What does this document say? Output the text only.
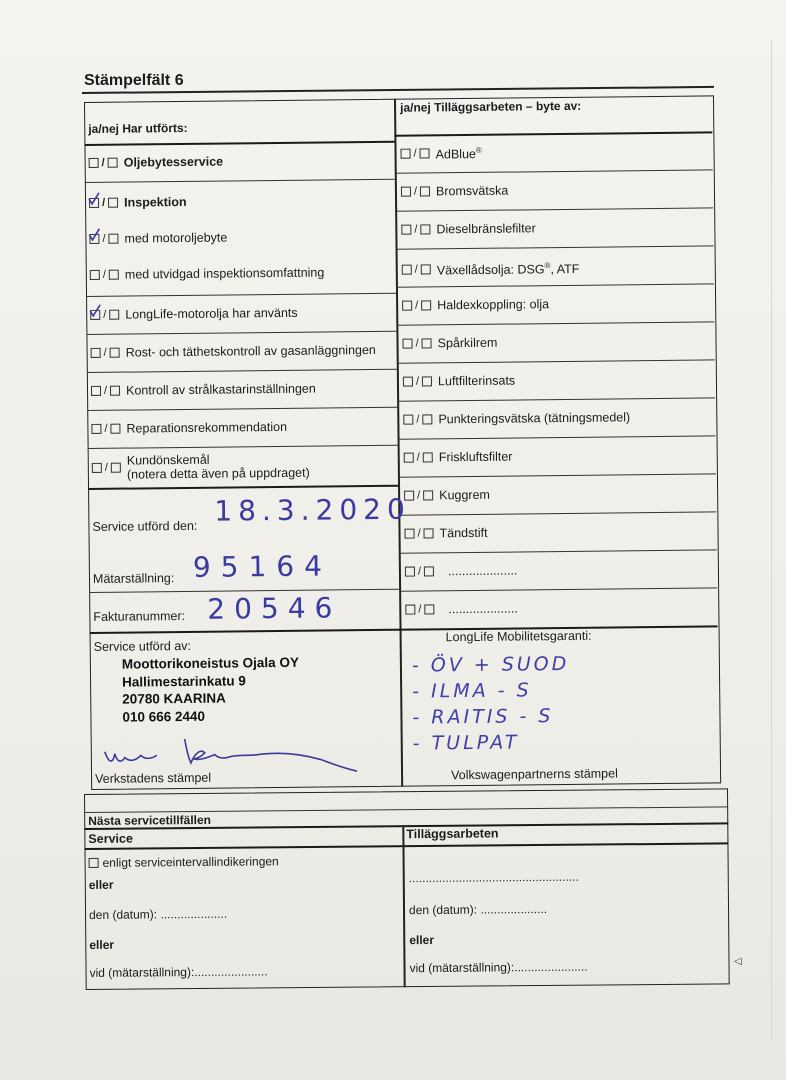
Stämpelfält 6
ja/nej Har utförts:
ja/nej Tilläggsarbeten – byte av:
/ Oljebytesservice
/ Inspektion
/ med motoroljebyte
/ med utvidgad inspektionsomfattning
/ LongLife-motorolja har använts
/ Rost- och täthetskontroll av gasanläggningen
/ Kontroll av strålkastarinställningen
/ Reparationsrekommendation
/
Kundönskemål
(notera detta även på uppdraget)
Service utförd den: 18.3.2020
Mätarställning: 95164
Fakturanummer: 20546
/ AdBlue®
/ Bromsvätska
/ Dieselbränslefilter
/ Växellådsolja: DSG®, ATF
/ Haldexkoppling: olja
/ Spårkilrem
/ Luftfilterinsats
/ Punkteringsvätska (tätningsmedel)
/ Friskluftsfilter
/ Kuggrem
/ Tändstift
/ ....................
/ ....................
Service utförd av:
Moottorikoneistus Ojala OY
Hallimestarinkatu 9
20780 KAARINA
010 666 2440
Verkstadens stämpel
LongLife Mobilitetsgaranti:
- ÖV + SUOD
- ILMA - S
- RAITIS - S
- TULPAT
Volkswagenpartnerns stämpel
Nästa servicetillfällen
Service	Tilläggsarbeten
enligt serviceintervallindikeringen
eller
den (datum): ....................
eller
vid (mätarställning):......................
...................................................
den (datum): ....................
eller
vid (mätarställning):......................	◁
